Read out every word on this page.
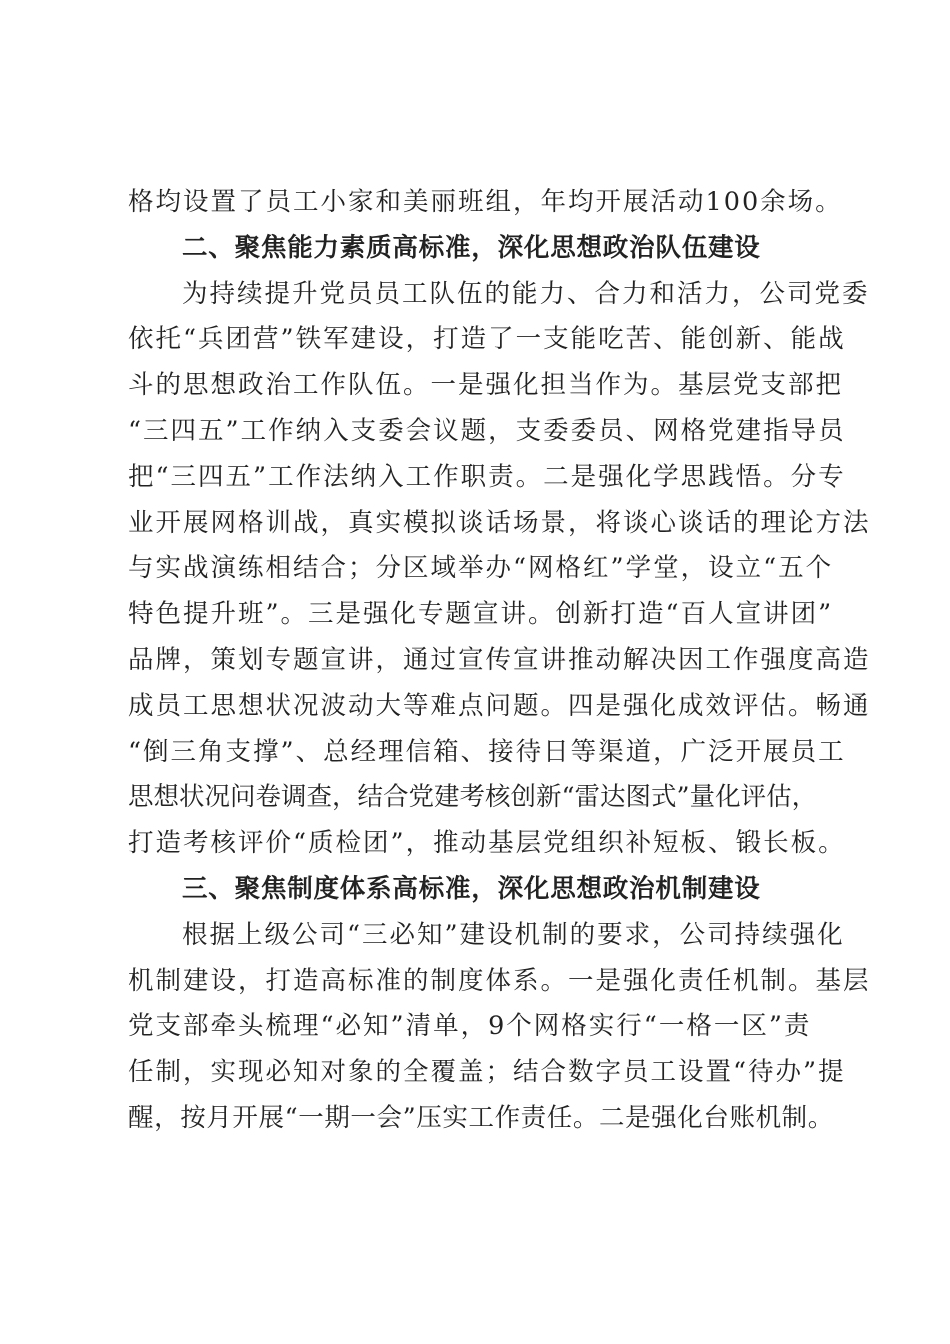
格均设置了员工小家和美丽班组，年均开展活动100余场。
二、聚焦能力素质高标准，深化思想政治队伍建设
为持续提升党员员工队伍的能力、合力和活力，公司党委
依托“兵团营”铁军建设，打造了一支能吃苦、能创新、能战
斗的思想政治工作队伍。一是强化担当作为。基层党支部把
“三四五”工作纳入支委会议题，支委委员、网格党建指导员
把“三四五”工作法纳入工作职责。二是强化学思践悟。分专
业开展网格训战，真实模拟谈话场景，将谈心谈话的理论方法
与实战演练相结合；分区域举办“网格红”学堂，设立“五个
特色提升班”。三是强化专题宣讲。创新打造“百人宣讲团”
品牌，策划专题宣讲，通过宣传宣讲推动解决因工作强度高造
成员工思想状况波动大等难点问题。四是强化成效评估。畅通
“倒三角支撑”、总经理信箱、接待日等渠道，广泛开展员工
思想状况问卷调查，结合党建考核创新“雷达图式”量化评估，
打造考核评价“质检团”，推动基层党组织补短板、锻长板。
三、聚焦制度体系高标准，深化思想政治机制建设
根据上级公司“三必知”建设机制的要求，公司持续强化
机制建设，打造高标准的制度体系。一是强化责任机制。基层
党支部牵头梳理“必知”清单，9个网格实行“一格一区”责
任制，实现必知对象的全覆盖；结合数字员工设置“待办”提
醒，按月开展“一期一会”压实工作责任。二是强化台账机制。
